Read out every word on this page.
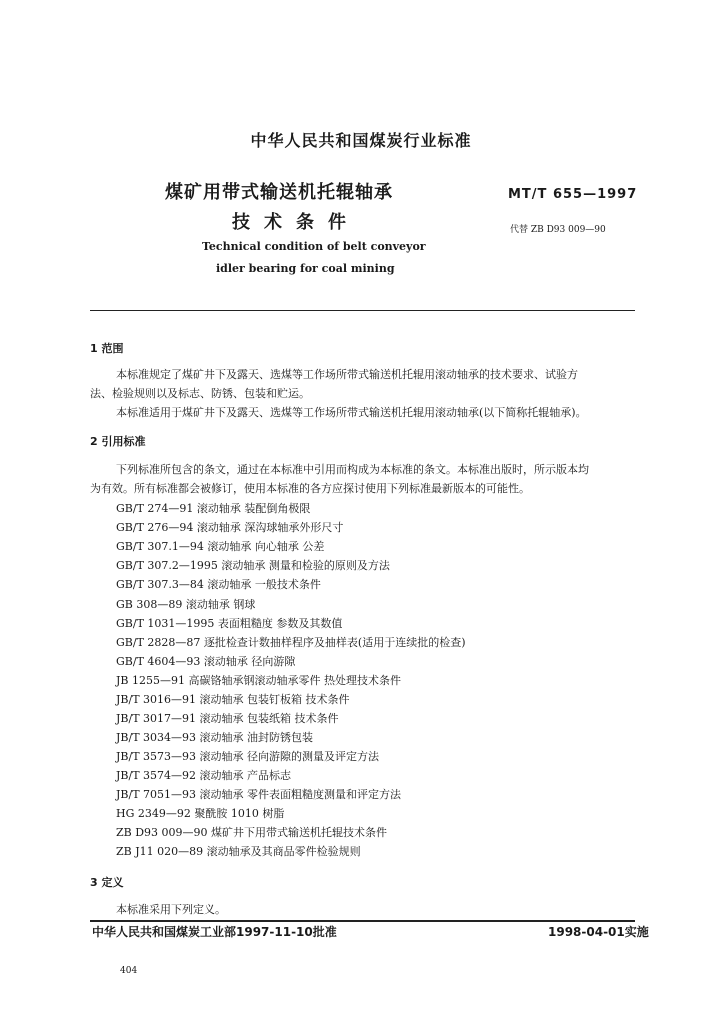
中华人民共和国煤炭行业标准
煤矿用带式输送机托辊轴承
技术条件
Technical condition of belt conveyor
idler bearing for coal mining
MT/T 655—1997
代替 ZB D93 009—90
1 范围
本标准规定了煤矿井下及露天、选煤等工作场所带式输送机托辊用滚动轴承的技术要求、试验方
法、检验规则以及标志、防锈、包装和贮运。
本标准适用于煤矿井下及露天、选煤等工作场所带式输送机托辊用滚动轴承(以下简称托辊轴承)。
2 引用标准
下列标准所包含的条文，通过在本标准中引用而构成为本标准的条文。本标准出版时，所示版本均
为有效。所有标准都会被修订，使用本标准的各方应探讨使用下列标准最新版本的可能性。
GB/T 274—91 滚动轴承 装配倒角极限
GB/T 276—94 滚动轴承 深沟球轴承外形尺寸
GB/T 307.1—94 滚动轴承 向心轴承 公差
GB/T 307.2—1995 滚动轴承 测量和检验的原则及方法
GB/T 307.3—84 滚动轴承 一般技术条件
GB 308—89 滚动轴承 钢球
GB/T 1031—1995 表面粗糙度 参数及其数值
GB/T 2828—87 逐批检查计数抽样程序及抽样表(适用于连续批的检查)
GB/T 4604—93 滚动轴承 径向游隙
JB 1255—91 高碳铬轴承钢滚动轴承零件 热处理技术条件
JB/T 3016—91 滚动轴承 包装钉板箱 技术条件
JB/T 3017—91 滚动轴承 包装纸箱 技术条件
JB/T 3034—93 滚动轴承 油封防锈包装
JB/T 3573—93 滚动轴承 径向游隙的测量及评定方法
JB/T 3574—92 滚动轴承 产品标志
JB/T 7051—93 滚动轴承 零件表面粗糙度测量和评定方法
HG 2349—92 聚酰胺 1010 树脂
ZB D93 009—90 煤矿井下用带式输送机托辊技术条件
ZB J11 020—89 滚动轴承及其商品零件检验规则
3 定义
本标准采用下列定义。
中华人民共和国煤炭工业部1997-11-10批准	1998-04-01实施
404
